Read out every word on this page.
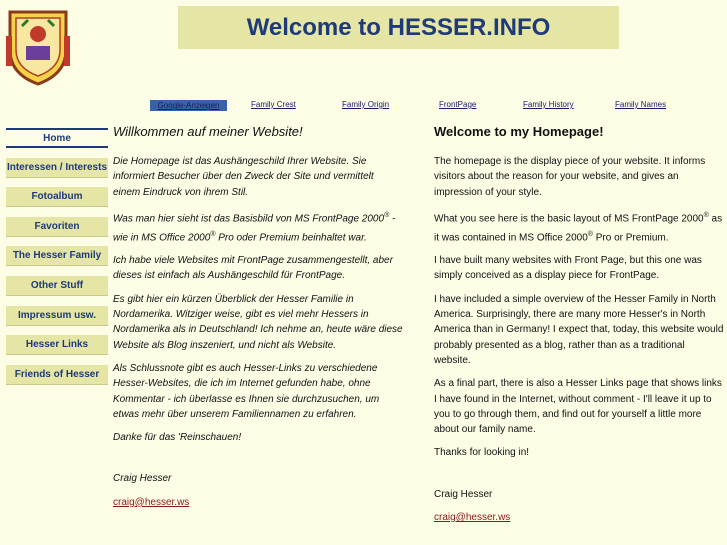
Welcome to HESSER.INFO
Google-Anzeigen	Family Crest	Family Origin	FrontPage	Family History	Family Names
Home
Interessen / Interests
Fotoalbum
Favoriten
The Hesser Family
Other Stuff
Impressum usw.
Hesser Links
Friends of Hesser
Willkommen auf meiner Website!

Die Homepage ist das Aushängeschild Ihrer Website. Sie informiert Besucher über den Zweck der Site und vermittelt einem Eindruck von ihrem Stil.

Was man hier sieht ist das Basisbild von MS FrontPage 2000® - wie in MS Office 2000® Pro oder Premium beinhaltet war.

Ich habe viele Websites mit FrontPage zusammengestellt, aber dieses ist einfach als Aushängeschild für FrontPage.

Es gibt hier ein kürzen Überblick der Hesser Familie in Nordamerika. Witziger weise, gibt es viel mehr Hessers in Nordamerika als in Deutschland! Ich nehme an, heute wäre diese Website als Blog inszeniert, und nicht als Website.

Als Schlussnote gibt es auch Hesser-Links zu verschiedene Hesser-Websites, die ich im Internet gefunden habe, ohne Kommentar - ich überlasse es Ihnen sie durchzusuchen, um etwas mehr über unserem Familiennamen zu erfahren.

Danke für das 'Reinschauen!

Craig Hesser

craig@hesser.ws

Welcome to my Homepage!

The homepage is the display piece of your website. It informs visitors about the reason for your website, and gives an impression of your style.

What you see here is the basic layout of MS FrontPage 2000® as it was contained in MS Office 2000® Pro or Premium.

I have built many websites with Front Page, but this one was simply conceived as a display piece for FrontPage.

I have included a simple overview of the Hesser Family in North America. Surprisingly, there are many more Hesser's in North America than in Germany! I expect that, today, this website would probably presented as a blog, rather than as a traditional website.

As a final part, there is also a Hesser Links page that shows links I have found in the Internet, without comment - I'll leave it up to you to go through them, and find out for yourself a little more about our family name.

Thanks for looking in!

Craig Hesser

craig@hesser.ws
